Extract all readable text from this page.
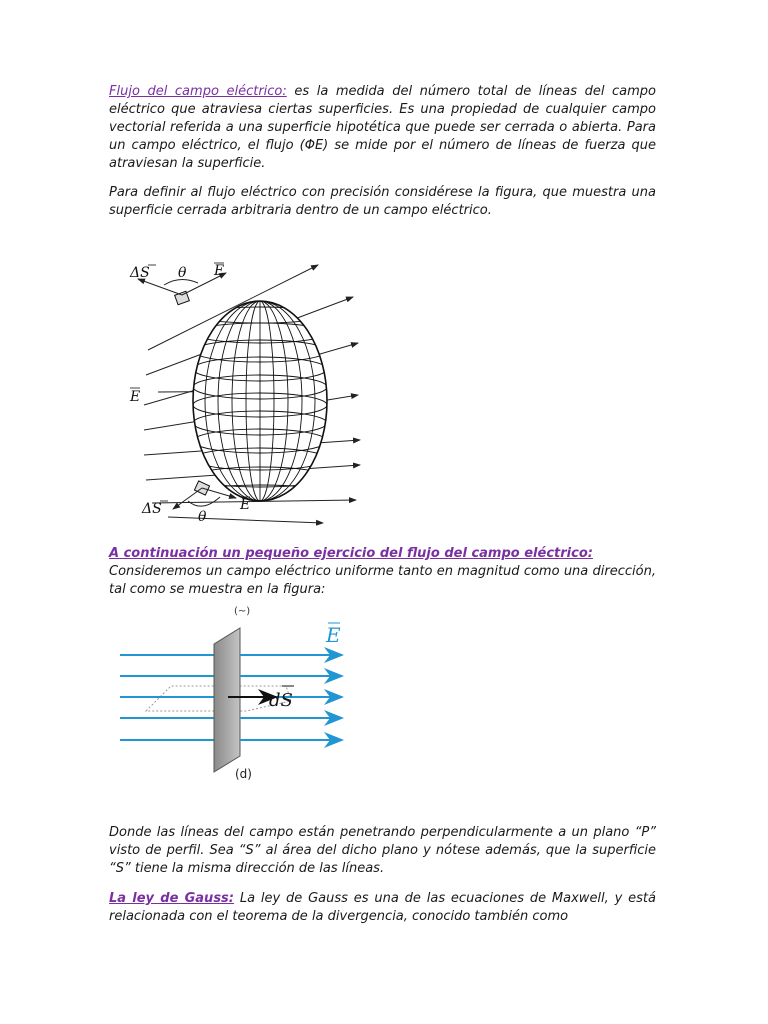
Flujo del campo eléctrico: es la medida del número total de líneas del campo eléctrico que atraviesa ciertas superficies. Es una propiedad de cualquier campo vectorial referida a una superficie hipotética que puede ser cerrada o abierta. Para un campo eléctrico, el flujo (ΦE) se mide por el número de líneas de fuerza que atraviesan la superficie.

Para definir al flujo eléctrico con precisión considérese la figura, que muestra una superficie cerrada arbitraria dentro de un campo eléctrico.

ΔS θ E
E
ΔS	θ
E

A continuación un pequeño ejercicio del flujo del campo eléctrico:
Consideremos un campo eléctrico uniforme tanto en magnitud como una dirección, tal como se muestra en la figura:

(~)
E
dS
(d)

Donde las líneas del campo están penetrando perpendicularmente a un plano “P” visto de perfil. Sea “S” al área del dicho plano y nótese además, que la superficie “S” tiene la misma dirección de las líneas.

La ley de Gauss: La ley de Gauss es una de las ecuaciones de Maxwell, y está relacionada con el teorema de la divergencia, conocido también como
